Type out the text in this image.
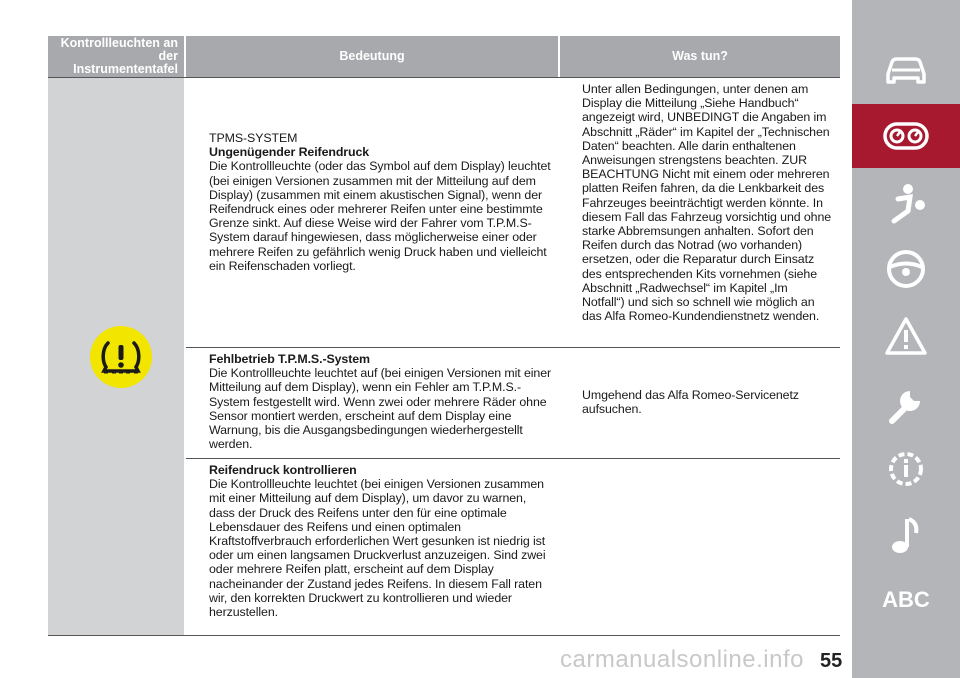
Kontrollleuchten an der Instrumententafel
Bedeutung	Was tun?
TPMS-SYSTEM
Ungenügender Reifendruck
Die Kontrollleuchte (oder das Symbol auf dem Display) leuchtet (bei einigen Versionen zusammen mit der Mitteilung auf dem Display) (zusammen mit einem akustischen Signal), wenn der Reifendruck eines oder mehrerer Reifen unter eine bestimmte Grenze sinkt. Auf diese Weise wird der Fahrer vom T.P.M.S-System darauf hingewiesen, dass möglicherweise einer oder mehrere Reifen zu gefährlich wenig Druck haben und vielleicht ein Reifenschaden vorliegt.
Unter allen Bedingungen, unter denen am Display die Mitteilung „Siehe Handbuch“ angezeigt wird, UNBEDINGT die Angaben im Abschnitt „Räder“ im Kapitel der „Technischen Daten“ beachten. Alle darin enthaltenen Anweisungen strengstens beachten. ZUR BEACHTUNG Nicht mit einem oder mehreren platten Reifen fahren, da die Lenkbarkeit des Fahrzeuges beeinträchtigt werden könnte. In diesem Fall das Fahrzeug vorsichtig und ohne starke Abbremsungen anhalten. Sofort den Reifen durch das Notrad (wo vorhanden) ersetzen, oder die Reparatur durch Einsatz des entsprechenden Kits vornehmen (siehe Abschnitt „Radwechsel“ im Kapitel „Im Notfall“) und sich so schnell wie möglich an das Alfa Romeo-Kundendienstnetz wenden.
Fehlbetrieb T.P.M.S.-System
Die Kontrollleuchte leuchtet auf (bei einigen Versionen mit einer Mitteilung auf dem Display), wenn ein Fehler am T.P.M.S.-System festgestellt wird. Wenn zwei oder mehrere Räder ohne Sensor montiert werden, erscheint auf dem Display eine Warnung, bis die Ausgangsbedingungen wiederhergestellt werden.
Umgehend das Alfa Romeo-Servicenetz aufsuchen.
Reifendruck kontrollieren
Die Kontrollleuchte leuchtet (bei einigen Versionen zusammen mit einer Mitteilung auf dem Display), um davor zu warnen, dass der Druck des Reifens unter den für eine optimale Lebensdauer des Reifens und einen optimalen Kraftstoffverbrauch erforderlichen Wert gesunken ist niedrig ist oder um einen langsamen Druckverlust anzuzeigen. Sind zwei oder mehrere Reifen platt, erscheint auf dem Display nacheinander der Zustand jedes Reifens. In diesem Fall raten wir, den korrekten Druckwert zu kontrollieren und wieder herzustellen.
ABC
carmanualsonline.info 55
